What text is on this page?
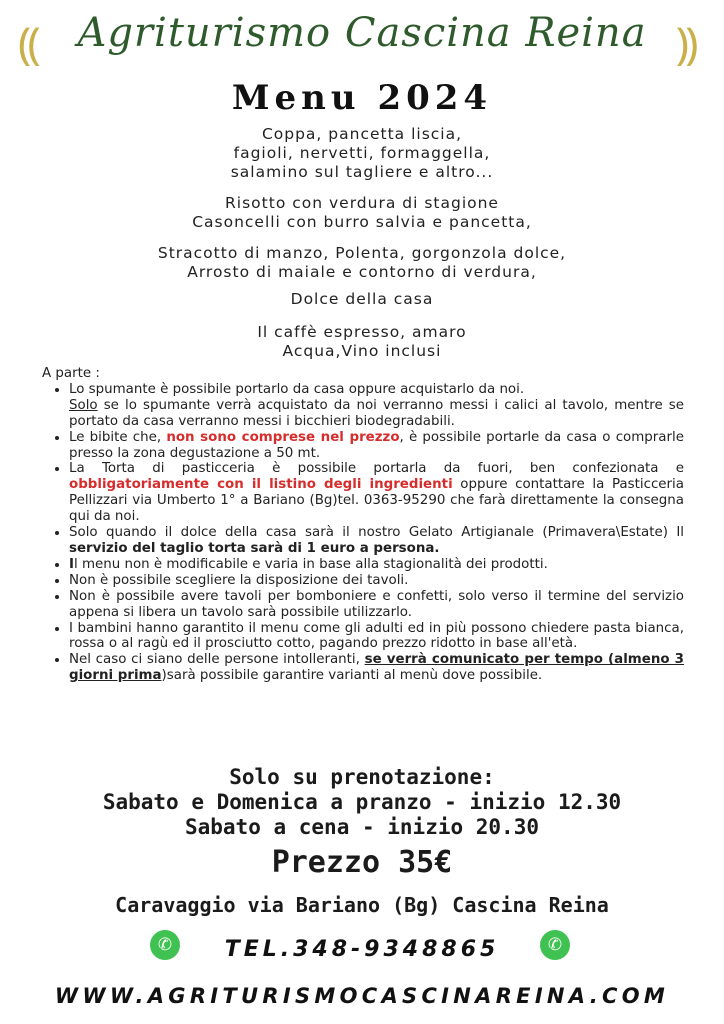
⸨ Agriturismo Cascina Reina ⸩
Menu 2024
Coppa, pancetta liscia,
fagioli, nervetti, formaggella,
salamino sul tagliere e altro...
Risotto con verdura di stagione
Casoncelli con burro salvia e pancetta,
Stracotto di manzo, Polenta, gorgonzola dolce,
Arrosto di maiale e contorno di verdura,
Dolce della casa
Il caffè espresso, amaro
Acqua,Vino inclusi
A parte :
• Lo spumante è possibile portarlo da casa oppure acquistarlo da noi.
Solo se lo spumante verrà acquistato da noi verranno messi i calici al tavolo, mentre se portato da casa verranno messi i bicchieri biodegradabili.
• Le bibite che, non sono comprese nel prezzo, è possibile portarle da casa o comprarle presso la zona degustazione a 50 mt.
• La Torta di pasticceria è possibile portarla da fuori, ben confezionata e obbligatoriamente con il listino degli ingredienti oppure contattare la Pasticceria Pellizzari via Umberto 1° a Bariano (Bg)tel. 0363-95290 che farà direttamente la consegna qui da noi.
• Solo quando il dolce della casa sarà il nostro Gelato Artigianale (Primavera\Estate) Il servizio del taglio torta sarà di 1 euro a persona.
• Il menu non è modificabile e varia in base alla stagionalità dei prodotti.
• Non è possibile scegliere la disposizione dei tavoli.
• Non è possibile avere tavoli per bomboniere e confetti, solo verso il termine del servizio appena si libera un tavolo sarà possibile utilizzarlo.
• I bambini hanno garantito il menu come gli adulti ed in più possono chiedere pasta bianca, rossa o al ragù ed il prosciutto cotto, pagando prezzo ridotto in base all'età.
• Nel caso ci siano delle persone intolleranti, se verrà comunicato per tempo (almeno 3 giorni prima)sarà possibile garantire varianti al menù dove possibile.
Solo su prenotazione:
Sabato e Domenica a pranzo - inizio 12.30
Sabato a cena - inizio 20.30
Prezzo 35€
Caravaggio via Bariano (Bg) Cascina Reina
✆	TEL.348-9348865	✆
WWW.AGRITURISMOCASCINAREINA.COM
